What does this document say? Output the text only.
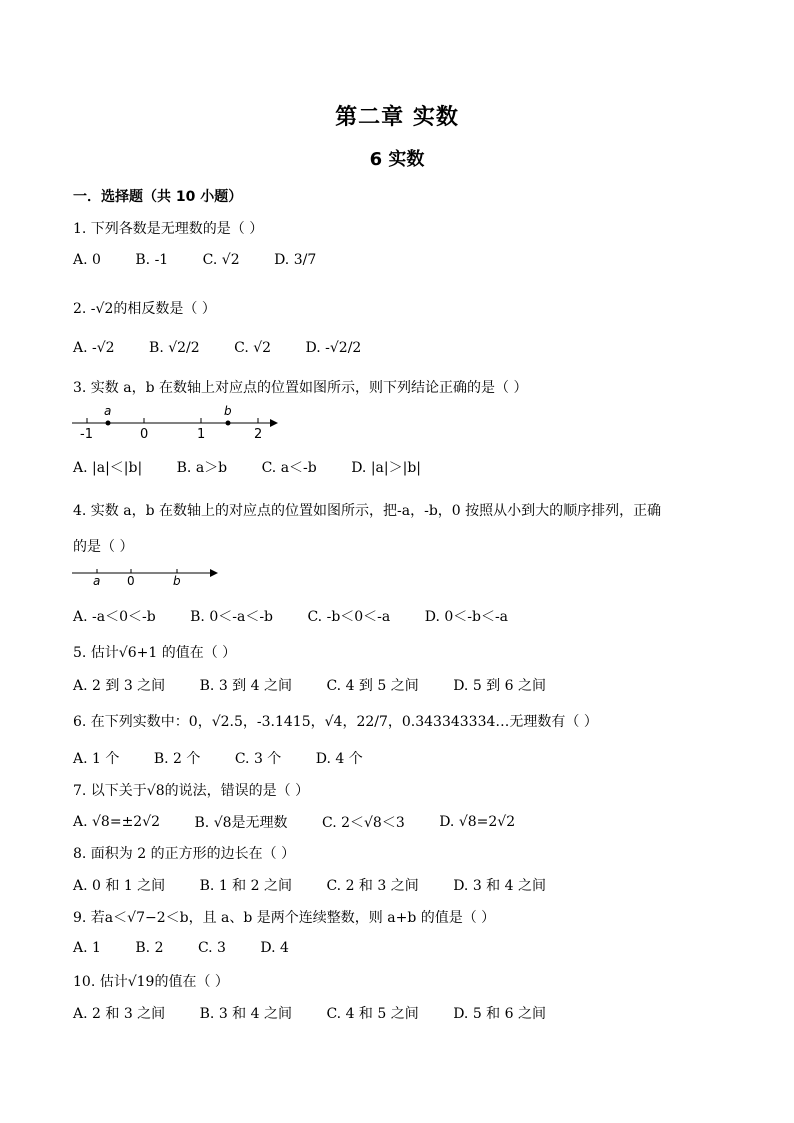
第二章 实数
6 实数
一．选择题（共 10 小题）
1. 下列各数是无理数的是（ ）
A. 0 B. -1 C. √2 D. 3/7
2. -√2的相反数是（ ）
A. -√2 B. √2/2 C. √2 D. -√2/2
3. 实数 a，b 在数轴上对应点的位置如图所示，则下列结论正确的是（ ）
a	b
-1	0	1	2
A. |a|＜|b| B. a＞b C. a＜-b D. |a|＞|b|
4. 实数 a，b 在数轴上的对应点的位置如图所示，把-a，-b，0 按照从小到大的顺序排列，正确
的是（ ）
a 0	b
A. -a＜0＜-b B. 0＜-a＜-b C. -b＜0＜-a D. 0＜-b＜-a
5. 估计√6+1 的值在（ ）
A. 2 到 3 之间 B. 3 到 4 之间 C. 4 到 5 之间 D. 5 到 6 之间
6. 在下列实数中：0，√2.5，-3.1415，√4，22/7，0.343343334…无理数有（ ）
A. 1 个 B. 2 个 C. 3 个 D. 4 个
7. 以下关于√8的说法，错误的是（ ）
A. √8=±2√2 B. √8是无理数 C. 2＜√8＜3 D. √8=2√2
8. 面积为 2 的正方形的边长在（ ）
A. 0 和 1 之间 B. 1 和 2 之间 C. 2 和 3 之间 D. 3 和 4 之间
9. 若a＜√7−2＜b，且 a、b 是两个连续整数，则 a+b 的值是（ ）
A. 1 B. 2 C. 3 D. 4
10. 估计√19的值在（ ）
A. 2 和 3 之间 B. 3 和 4 之间 C. 4 和 5 之间 D. 5 和 6 之间
